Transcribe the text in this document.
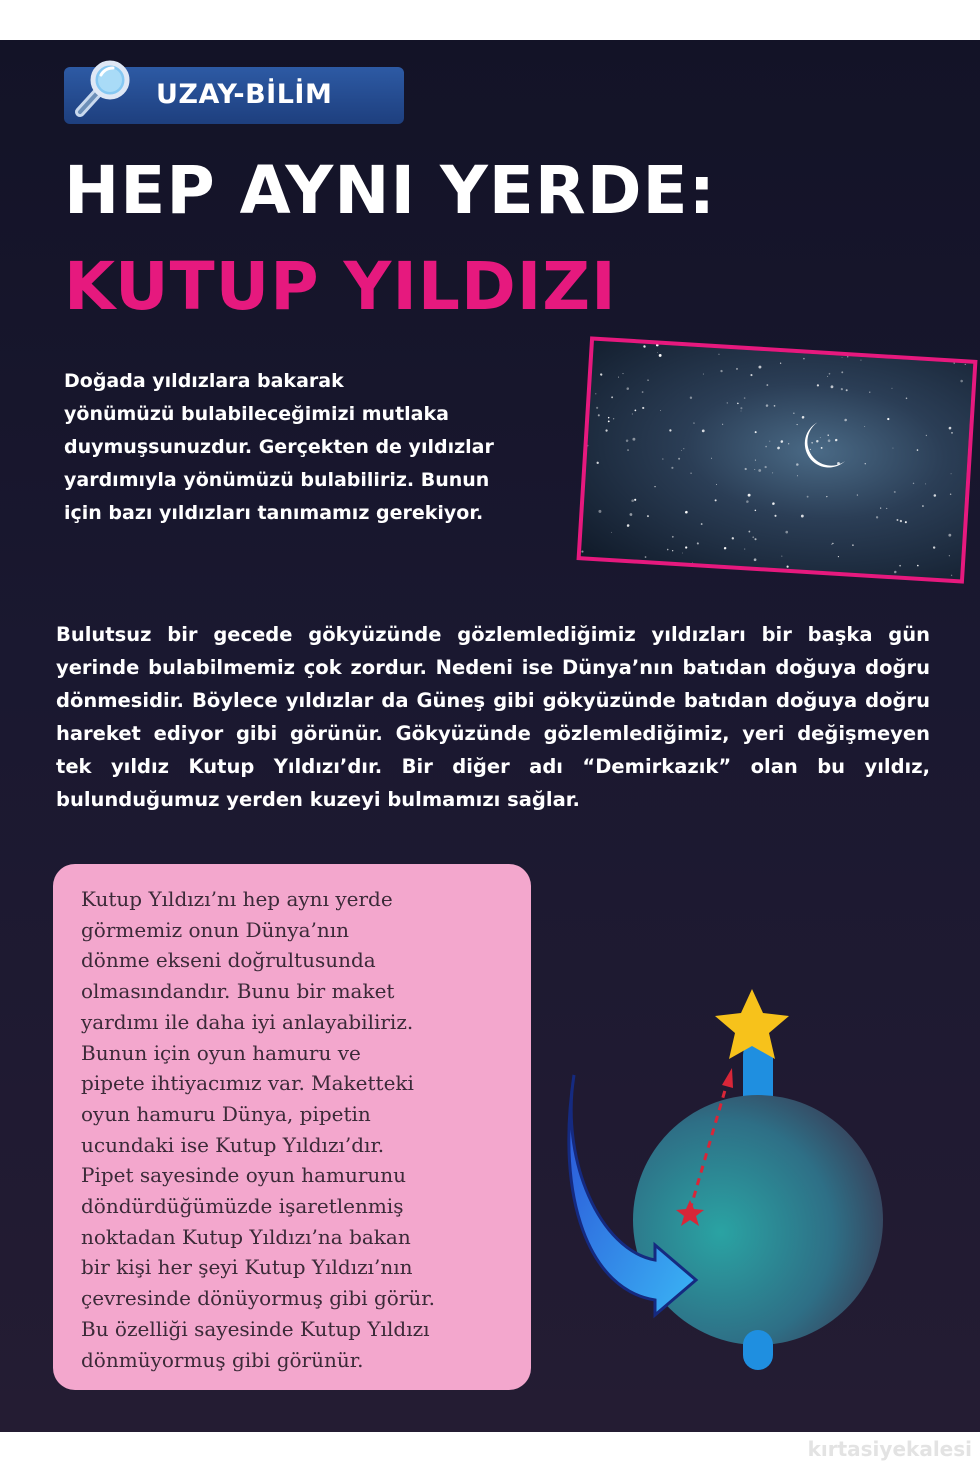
UZAY-BİLİM
HEP AYNI YERDE:
KUTUP YILDIZI
Doğada yıldızlara bakarak
yönümüzü bulabileceğimizi mutlaka
duymuşsunuzdur. Gerçekten de yıldızlar
yardımıyla yönümüzü bulabiliriz. Bunun
için bazı yıldızları tanımamız gerekiyor.

Bulutsuz bir gecede gökyüzünde gözlemlediğimiz yıldızları bir başka gün yerinde bulabilmemiz çok zordur. Nedeni ise Dünya’nın batıdan doğuya doğru dönmesidir. Böylece yıldızlar da Güneş gibi gökyüzünde batıdan doğuya doğru hareket ediyor gibi görünür. Gökyüzünde gözlemlediğimiz, yeri değişmeyen tek yıldız Kutup Yıldızı’dır. Bir diğer adı “Demirkazık” olan bu yıldız, bulunduğumuz yerden kuzeyi bulmamızı sağlar.

Kutup Yıldızı’nı hep aynı yerde
görmemiz onun Dünya’nın
dönme ekseni doğrultusunda
olmasındandır. Bunu bir maket
yardımı ile daha iyi anlayabiliriz.
Bunun için oyun hamuru ve
pipete ihtiyacımız var. Maketteki
oyun hamuru Dünya, pipetin
ucundaki ise Kutup Yıldızı’dır.
Pipet sayesinde oyun hamurunu
döndürdüğümüzde işaretlenmiş
noktadan Kutup Yıldızı’na bakan
bir kişi her şeyi Kutup Yıldızı’nın
çevresinde dönüyormuş gibi görür.
Bu özelliği sayesinde Kutup Yıldızı
dönmüyormuş gibi görünür.
kırtasiyekalesi
